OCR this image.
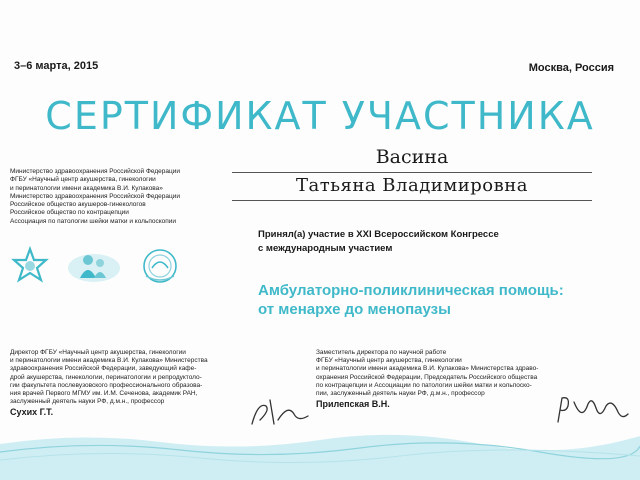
3–6 марта, 2015	Москва, Россия
СЕРТИФИКАТ УЧАСТНИКА
Министерство здравоохранения Российской Федерации
ФГБУ «Научный центр акушерства, гинекологии
и перинатологии имени академика В.И. Кулакова»
Министерство здравоохранения Российской Федерации
Российское общество акушеров-гинекологов
Российское общество по контрацепции
Ассоциация по патологии шейки матки и кольпоскопии
Васина
Татьяна Владимировна
Принял(а) участие в XXI Всероссийском Конгрессе
с международным участием
Амбулаторно-поликлиническая помощь:
от менархе до менопаузы
Директор ФГБУ «Научный центр акушерства, гинекологии
и перинатологии имени академика В.И. Кулакова» Министерства
здравоохранения Российской Федерации, заведующий кафе-
дрой акушерства, гинекологии, перинатологии и репродуктоло-
гии факультета послевузовского профессионального образова-
ния врачей Первого МГМУ им. И.М. Сеченова, академик РАН,
заслуженный деятель науки РФ, д.м.н., профессор
Сухих Г.Т.
Заместитель директора по научной работе
ФГБУ «Научный центр акушерства, гинекологии
и перинатологии имени академика В.И. Кулакова» Министерства здраво-
охранения Российской Федерации, Председатель Российского общества
по контрацепции и Ассоциации по патологии шейки матки и кольпоско-
пии, заслуженный деятель науки РФ, д.м.н., профессор
Прилепская В.Н.
